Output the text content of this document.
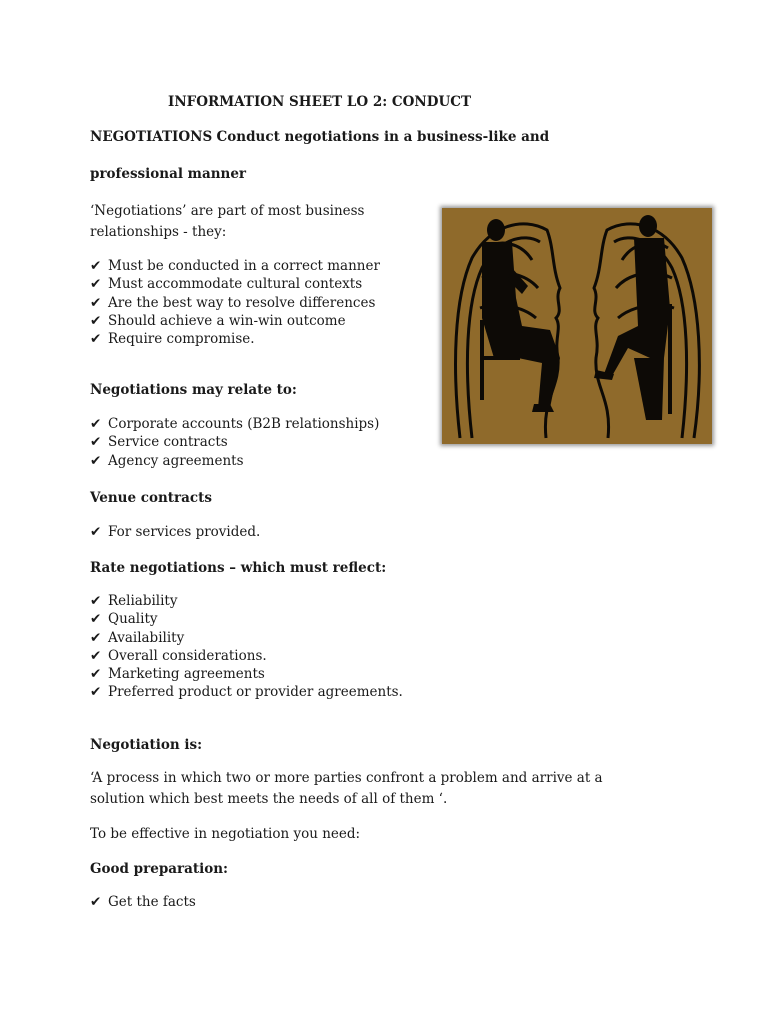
INFORMATION SHEET LO 2: CONDUCT
NEGOTIATIONS Conduct negotiations in a business-like and
professional manner
‘Negotiations’ are part of most business
relationships - they:
✔ Must be conducted in a correct manner
✔ Must accommodate cultural contexts
✔ Are the best way to resolve differences
✔ Should achieve a win-win outcome
✔ Require compromise.
Negotiations may relate to:
✔ Corporate accounts (B2B relationships)
✔ Service contracts
✔ Agency agreements
Venue contracts
✔ For services provided.
Rate negotiations – which must reflect:
✔ Reliability
✔ Quality
✔ Availability
✔ Overall considerations.
✔ Marketing agreements
✔ Preferred product or provider agreements.
Negotiation is:
‘A process in which two or more parties confront a problem and arrive at a
solution which best meets the needs of all of them ‘.
To be effective in negotiation you need:
Good preparation:
✔ Get the facts
